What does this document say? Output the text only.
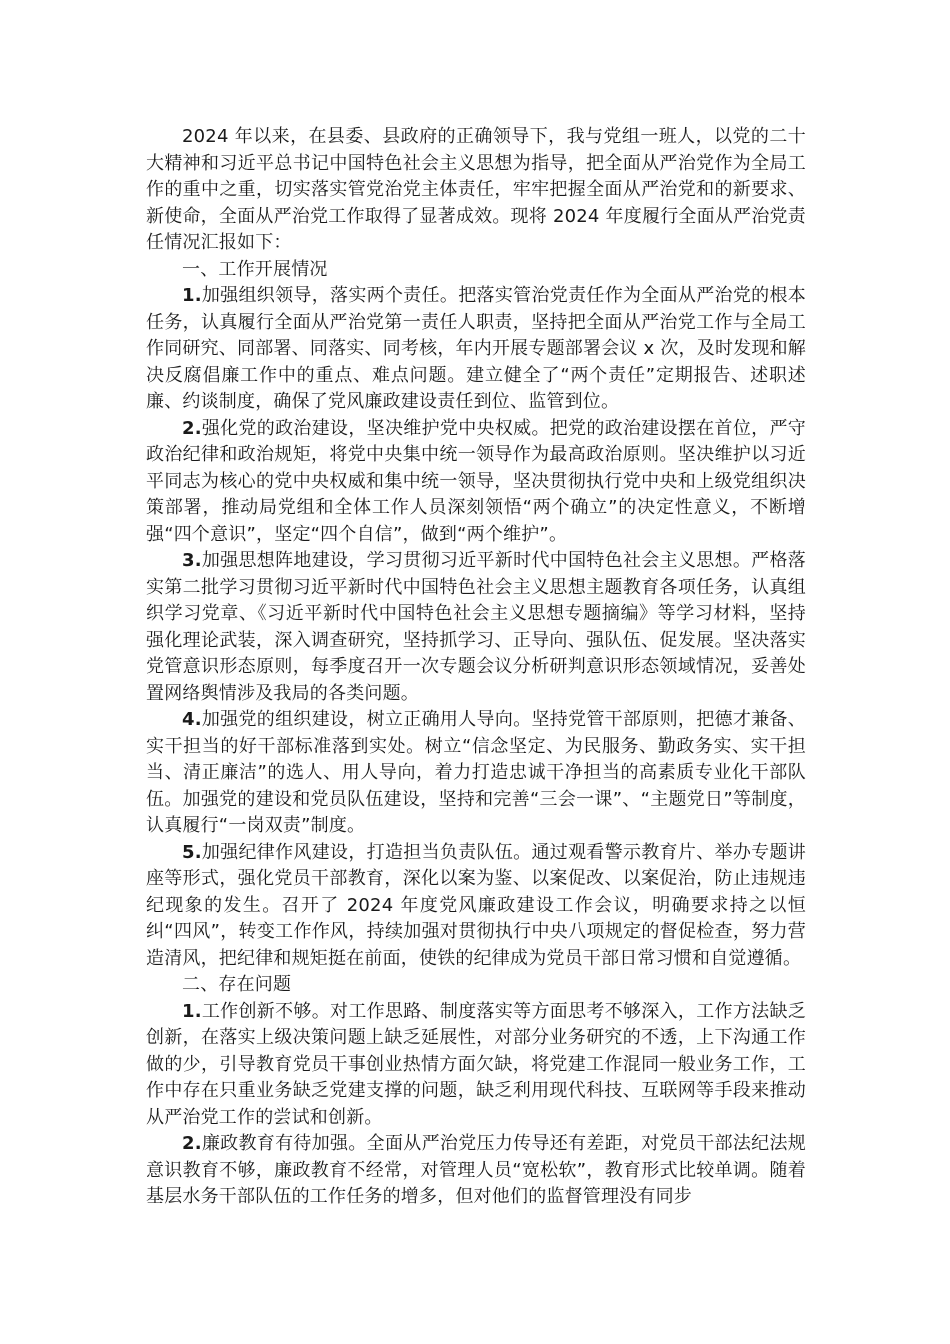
2024 年以来，在县委、县政府的正确领导下，我与党组一班人，以党的二十大精神和习近平总书记中国特色社会主义思想为指导，把全面从严治党作为全局工作的重中之重，切实落实管党治党主体责任，牢牢把握全面从严治党和的新要求、新使命，全面从严治党工作取得了显著成效。现将 2024 年度履行全面从严治党责任情况汇报如下：

一、工作开展情况

1.加强组织领导，落实两个责任。把落实管治党责任作为全面从严治党的根本任务，认真履行全面从严治党第一责任人职责，坚持把全面从严治党工作与全局工作同研究、同部署、同落实、同考核，年内开展专题部署会议 x 次，及时发现和解决反腐倡廉工作中的重点、难点问题。建立健全了“两个责任”定期报告、述职述廉、约谈制度，确保了党风廉政建设责任到位、监管到位。

2.强化党的政治建设，坚决维护党中央权威。把党的政治建设摆在首位，严守政治纪律和政治规矩，将党中央集中统一领导作为最高政治原则。坚决维护以习近平同志为核心的党中央权威和集中统一领导，坚决贯彻执行党中央和上级党组织决策部署，推动局党组和全体工作人员深刻领悟“两个确立”的决定性意义，不断增强“四个意识”，坚定“四个自信”，做到“两个维护”。

3.加强思想阵地建设，学习贯彻习近平新时代中国特色社会主义思想。严格落实第二批学习贯彻习近平新时代中国特色社会主义思想主题教育各项任务，认真组织学习党章、《习近平新时代中国特色社会主义思想专题摘编》等学习材料，坚持强化理论武装，深入调查研究，坚持抓学习、正导向、强队伍、促发展。坚决落实党管意识形态原则，每季度召开一次专题会议分析研判意识形态领域情况，妥善处置网络舆情涉及我局的各类问题。

4.加强党的组织建设，树立正确用人导向。坚持党管干部原则，把德才兼备、实干担当的好干部标准落到实处。树立“信念坚定、为民服务、勤政务实、实干担当、清正廉洁”的选人、用人导向，着力打造忠诚干净担当的高素质专业化干部队伍。加强党的建设和党员队伍建设，坚持和完善“三会一课”、“主题党日”等制度，认真履行“一岗双责”制度。

5.加强纪律作风建设，打造担当负责队伍。通过观看警示教育片、举办专题讲座等形式，强化党员干部教育，深化以案为鉴、以案促改、以案促治，防止违规违纪现象的发生。召开了 2024 年度党风廉政建设工作会议，明确要求持之以恒纠“四风”，转变工作作风，持续加强对贯彻执行中央八项规定的督促检查，努力营造清风，把纪律和规矩挺在前面，使铁的纪律成为党员干部日常习惯和自觉遵循。

二、存在问题

1.工作创新不够。对工作思路、制度落实等方面思考不够深入，工作方法缺乏创新，在落实上级决策问题上缺乏延展性，对部分业务研究的不透，上下沟通工作做的少，引导教育党员干事创业热情方面欠缺，将党建工作混同一般业务工作，工作中存在只重业务缺乏党建支撑的问题，缺乏利用现代科技、互联网等手段来推动从严治党工作的尝试和创新。

2.廉政教育有待加强。全面从严治党压力传导还有差距，对党员干部法纪法规意识教育不够，廉政教育不经常，对管理人员“宽松软”，教育形式比较单调。随着基层水务干部队伍的工作任务的增多，但对他们的监督管理没有同步
